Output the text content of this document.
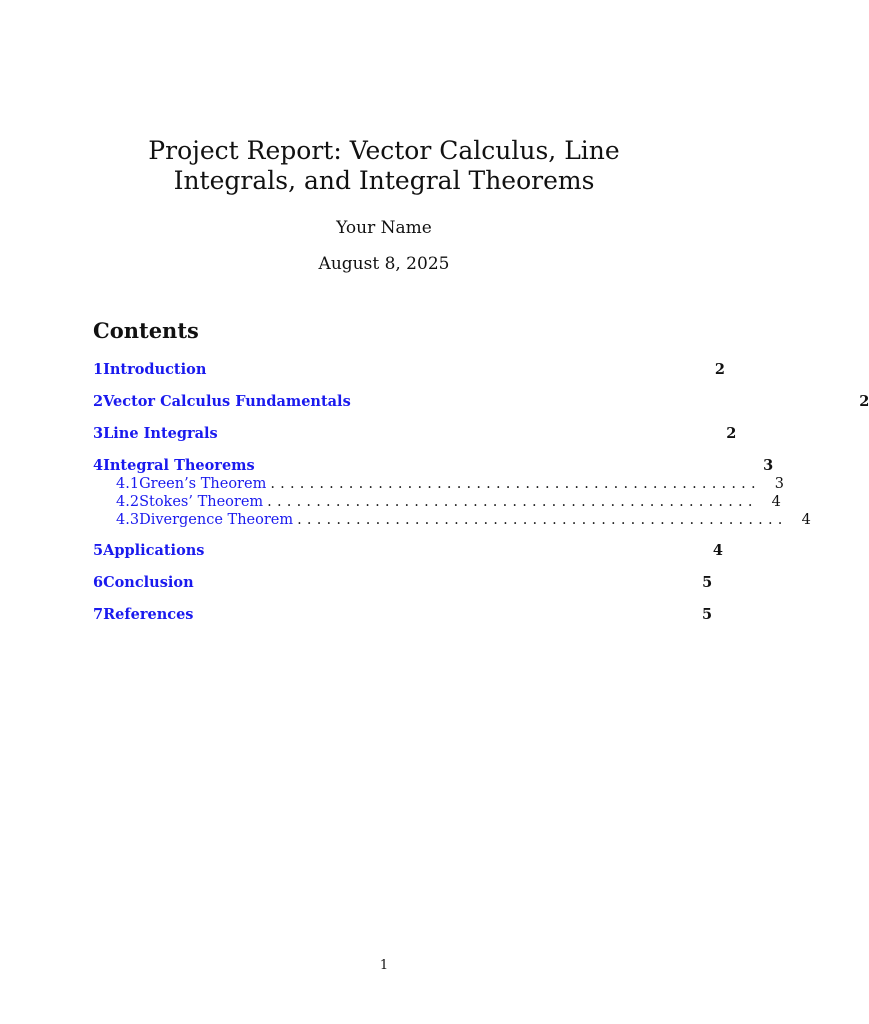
Project Report: Vector Calculus, Line Integrals, and Integral Theorems
Your Name
August 8, 2025
Contents
1 Introduction	2
2 Vector Calculus Fundamentals	2
3 Line Integrals	2
4 Integral Theorems	3
4.1 Green’s Theorem .................................................. 3
4.2 Stokes’ Theorem .................................................. 4
4.3 Divergence Theorem .................................................. 4
5 Applications	4
6 Conclusion	5
7 References	5
1
